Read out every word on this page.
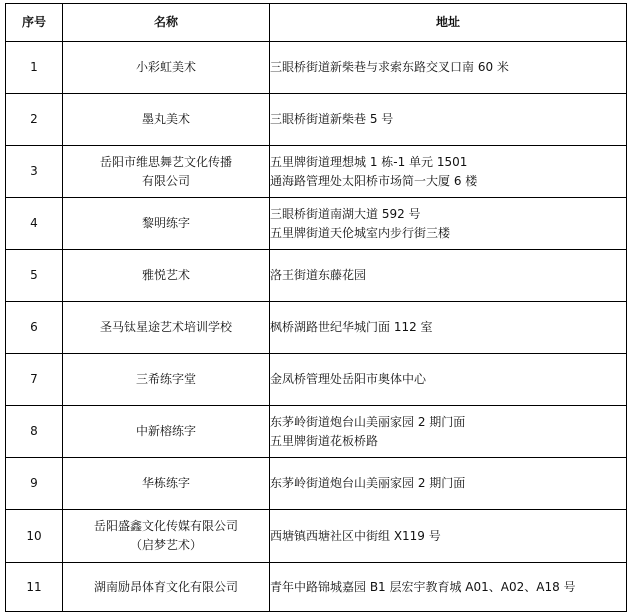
序号	名称	地址
1	小彩虹美术	三眼桥街道新柴巷与求索东路交叉口南 60 米

2	墨丸美术	三眼桥街道新柴巷 5 号

3	岳阳市维思舞艺文化传播
有限公司	五里牌街道理想城 1 栋-1 单元 1501
通海路管理处太阳桥市场简一大厦 6 楼

4	黎明练字	三眼桥街道南湖大道 592 号
五里牌街道天伦城室内步行街三楼

5	雅悦艺术	洛王街道东藤花园

6	圣马钛星途艺术培训学校	枫桥湖路世纪华城门面 112 室

7	三希练字堂	金凤桥管理处岳阳市奥体中心

8	中新榕练字	东茅岭街道炮台山美丽家园 2 期门面
五里牌街道花板桥路

9	华栋练字	东茅岭街道炮台山美丽家园 2 期门面

10	岳阳盛鑫文化传媒有限公司
（启梦艺术）	西塘镇西塘社区中街组 X119 号

11	湖南励昂体育文化有限公司	青年中路锦城嘉园 B1 层宏宇教育城 A01、A02、A18 号
